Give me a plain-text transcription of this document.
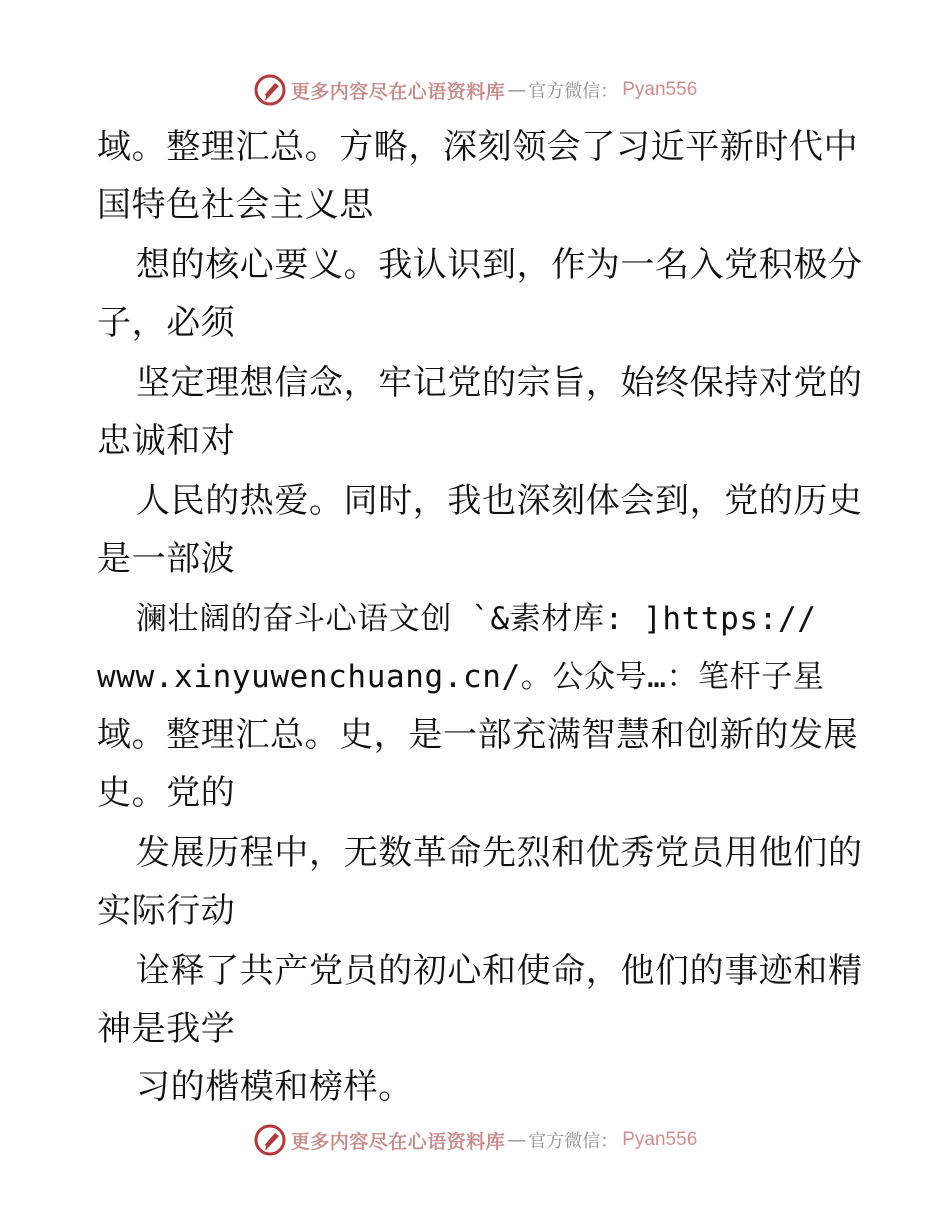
更多内容尽在心语资料库 — 官方微信： Pyan556
域。整理汇总。方略，深刻领会了习近平新时代中
国特色社会主义思
想的核心要义。我认识到，作为一名入党积极分
子，必须
坚定理想信念，牢记党的宗旨，始终保持对党的
忠诚和对
人民的热爱。同时，我也深刻体会到，党的历史
是一部波
澜壮阔的奋斗心语文创 `&素材库: ]https://
www.xinyuwenchuang.cn/。公众号…：笔杆子星
域。整理汇总。史，是一部充满智慧和创新的发展
史。党的
发展历程中，无数革命先烈和优秀党员用他们的
实际行动
诠释了共产党员的初心和使命，他们的事迹和精
神是我学
习的楷模和榜样。
更多内容尽在心语资料库 — 官方微信： Pyan556
